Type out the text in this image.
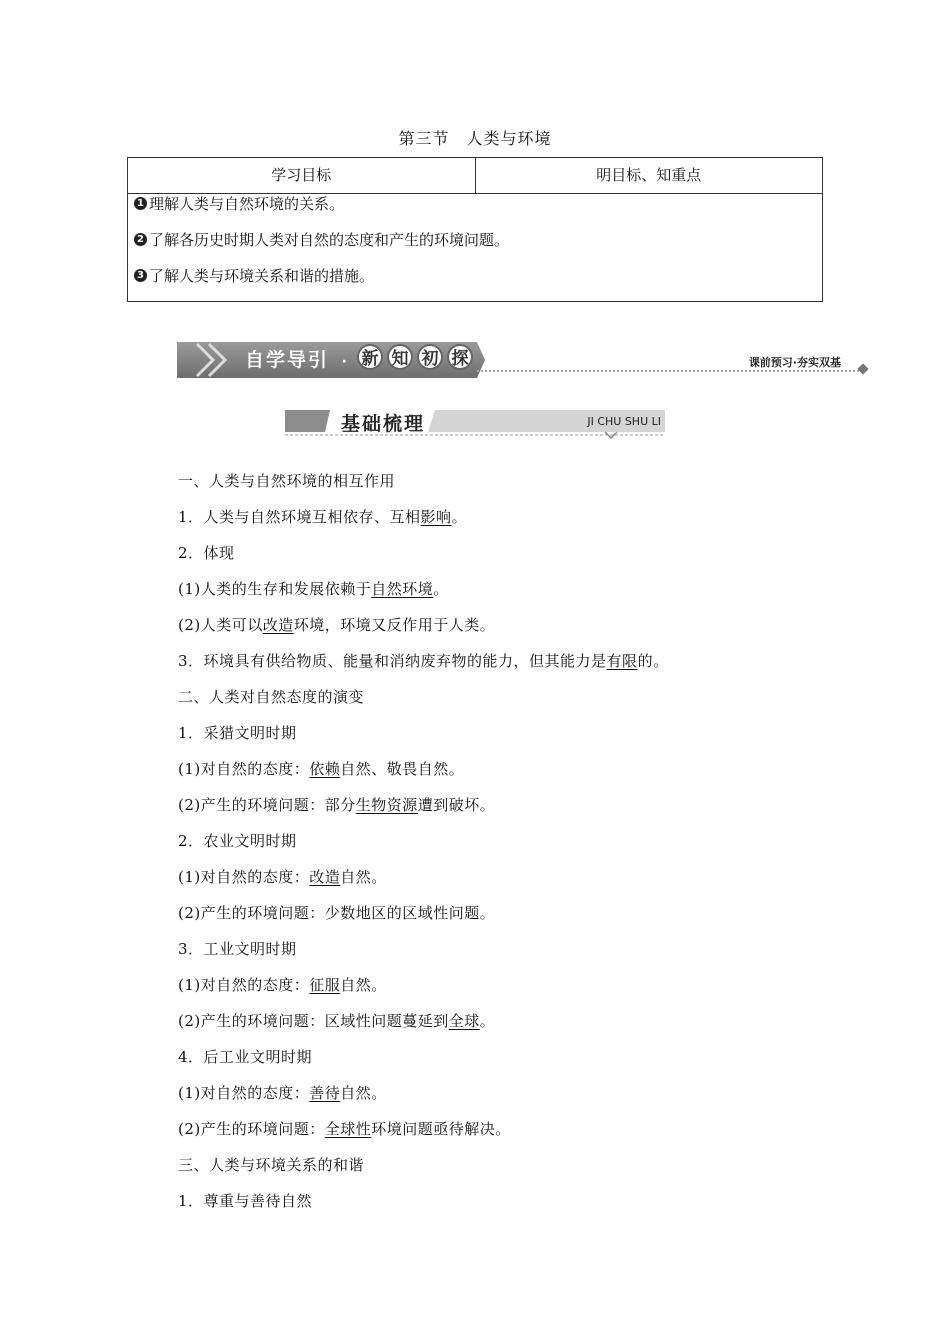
第三节　人类与环境
学习目标	明目标、知重点
1 理解人类与自然环境的关系。
2 了解各历史时期人类对自然的态度和产生的环境问题。
3 了解人类与环境关系和谐的措施。
自学导引 · 新 知 初 探	课前预习·夯实双基
基础梳理	JI CHU SHU LI
一、人类与自然环境的相互作用
1．人类与自然环境互相依存、互相影响。
2．体现
(1)人类的生存和发展依赖于自然环境。
(2)人类可以改造环境，环境又反作用于人类。
3．环境具有供给物质、能量和消纳废弃物的能力，但其能力是有限的。
二、人类对自然态度的演变
1．采猎文明时期
(1)对自然的态度：依赖自然、敬畏自然。
(2)产生的环境问题：部分生物资源遭到破坏。
2．农业文明时期
(1)对自然的态度：改造自然。
(2)产生的环境问题：少数地区的区域性问题。
3．工业文明时期
(1)对自然的态度：征服自然。
(2)产生的环境问题：区域性问题蔓延到全球。
4．后工业文明时期
(1)对自然的态度：善待自然。
(2)产生的环境问题：全球性环境问题亟待解决。
三、人类与环境关系的和谐
1．尊重与善待自然
